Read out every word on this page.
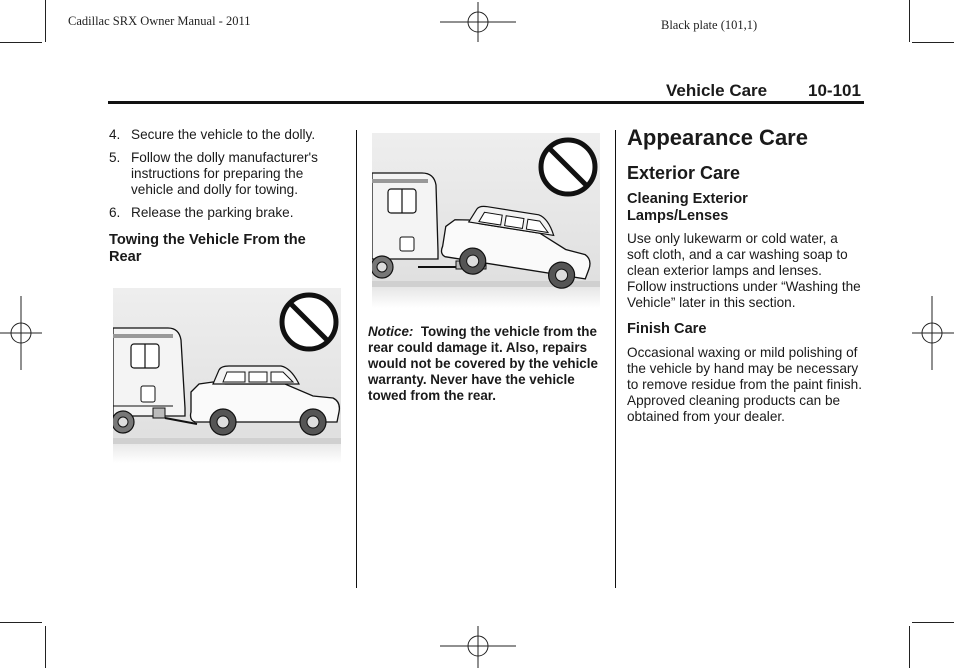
Cadillac SRX Owner Manual - 2011	Black plate (101,1)
Vehicle Care 10-101
4. Secure the vehicle to the dolly.
5. Follow the dolly manufacturer's instructions for preparing the vehicle and dolly for towing.
6. Release the parking brake.
Towing the Vehicle From the Rear
Notice: Towing the vehicle from the rear could damage it. Also, repairs would not be covered by the vehicle warranty. Never have the vehicle towed from the rear.
Appearance Care
Exterior Care
Cleaning Exterior Lamps/Lenses
Use only lukewarm or cold water, a soft cloth, and a car washing soap to clean exterior lamps and lenses. Follow instructions under “Washing the Vehicle” later in this section.
Finish Care
Occasional waxing or mild polishing of the vehicle by hand may be necessary to remove residue from the paint finish. Approved cleaning products can be obtained from your dealer.
